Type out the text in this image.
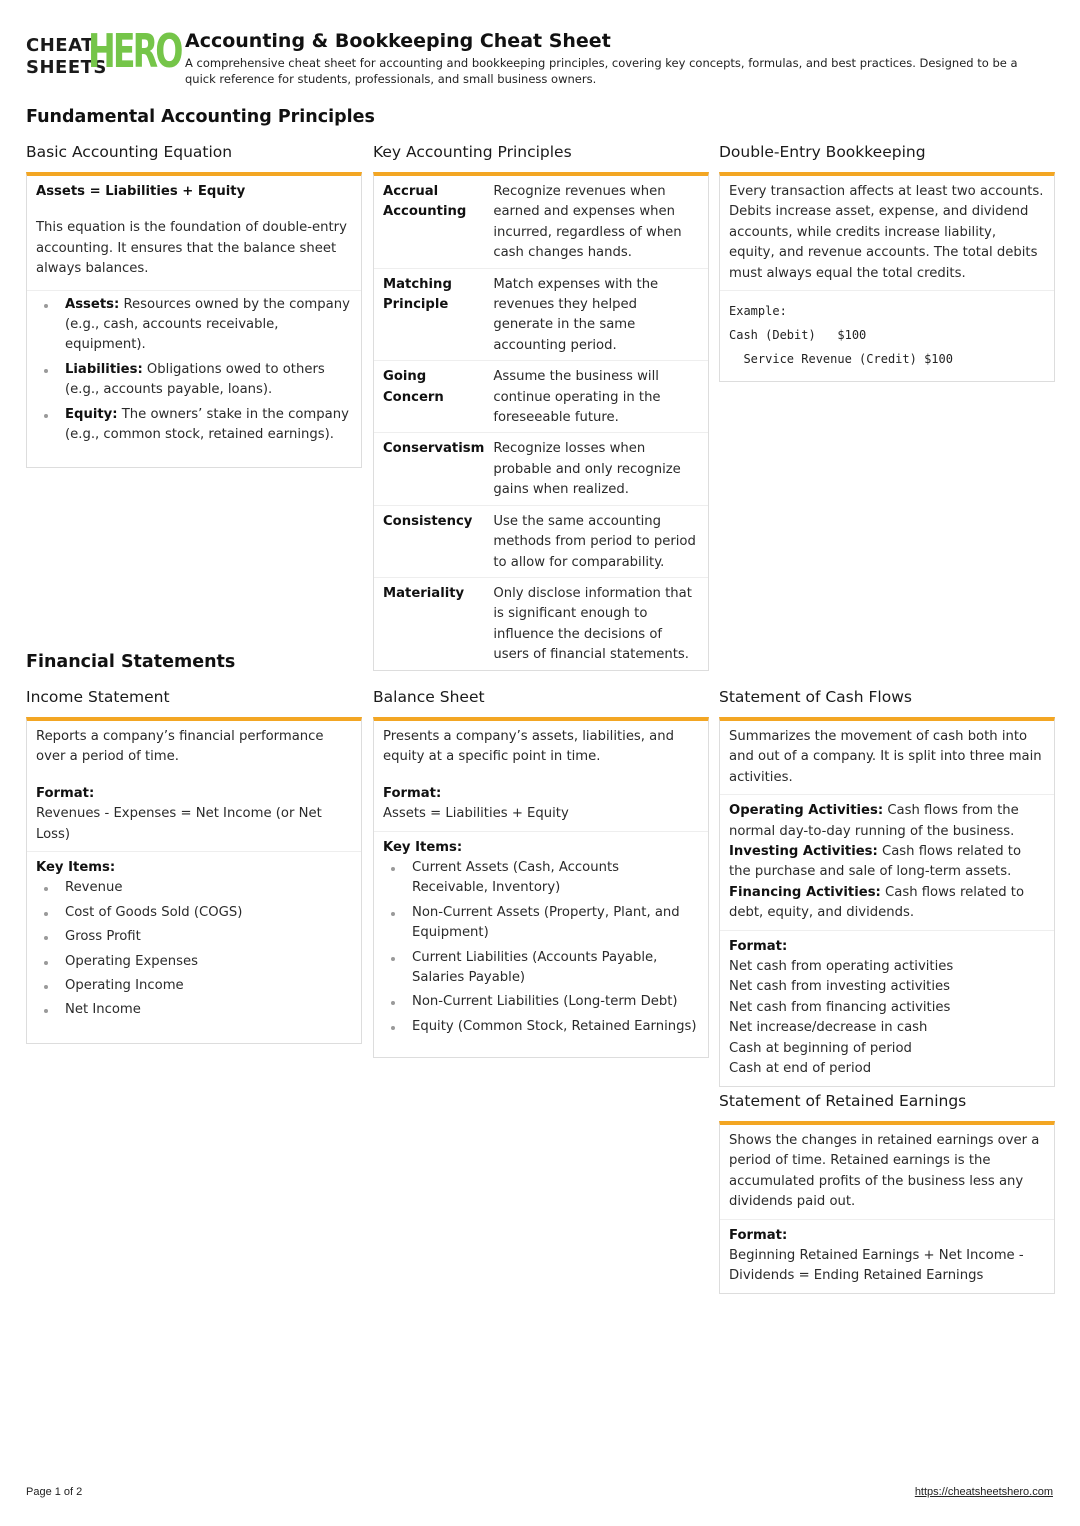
CHEAT
SHEETS
HERO Accounting & Bookkeeping Cheat Sheet
A comprehensive cheat sheet for accounting and bookkeeping principles, covering key concepts, formulas, and best practices. Designed to be a quick reference for students, professionals, and small business owners.
Fundamental Accounting Principles
Basic Accounting Equation
Assets = Liabilities + Equity
This equation is the foundation of double-entry accounting. It ensures that the balance sheet always balances.
Assets: Resources owned by the company (e.g., cash, accounts receivable, equipment).
Liabilities: Obligations owed to others (e.g., accounts payable, loans).
Equity: The owners’ stake in the company (e.g., common stock, retained earnings).
Key Accounting Principles
Accrual Accounting	Recognize revenues when earned and expenses when incurred, regardless of when cash changes hands.
Matching Principle	Match expenses with the revenues they helped generate in the same accounting period.
Going Concern	Assume the business will continue operating in the foreseeable future.
Conservatism	Recognize losses when probable and only recognize gains when realized.
Consistency	Use the same accounting methods from period to period to allow for comparability.
Materiality	Only disclose information that is significant enough to influence the decisions of users of financial statements.
Double-Entry Bookkeeping
Every transaction affects at least two accounts. Debits increase asset, expense, and dividend accounts, while credits increase liability, equity, and revenue accounts. The total debits must always equal the total credits.
Example:
Cash (Debit)   $100
Service Revenue (Credit) $100
Financial Statements
Income Statement
Reports a company’s financial performance over a period of time.
Format:
Revenues - Expenses = Net Income (or Net Loss)
Key Items:
Revenue
Cost of Goods Sold (COGS)
Gross Profit
Operating Expenses
Operating Income
Net Income
Balance Sheet
Presents a company’s assets, liabilities, and equity at a specific point in time.
Format:
Assets = Liabilities + Equity
Key Items:
Current Assets (Cash, Accounts Receivable, Inventory)
Non-Current Assets (Property, Plant, and Equipment)
Current Liabilities (Accounts Payable, Salaries Payable)
Non-Current Liabilities (Long-term Debt)
Equity (Common Stock, Retained Earnings)
Statement of Cash Flows
Summarizes the movement of cash both into and out of a company. It is split into three main activities.
Operating Activities: Cash flows from the normal day-to-day running of the business.
Investing Activities: Cash flows related to the purchase and sale of long-term assets.
Financing Activities: Cash flows related to debt, equity, and dividends.
Format:
Net cash from operating activities
Net cash from investing activities
Net cash from financing activities
Net increase/decrease in cash
Cash at beginning of period
Cash at end of period
Statement of Retained Earnings
Shows the changes in retained earnings over a period of time. Retained earnings is the accumulated profits of the business less any dividends paid out.
Format:
Beginning Retained Earnings + Net Income - Dividends = Ending Retained Earnings
Page 1 of 2	https://cheatsheetshero.com
